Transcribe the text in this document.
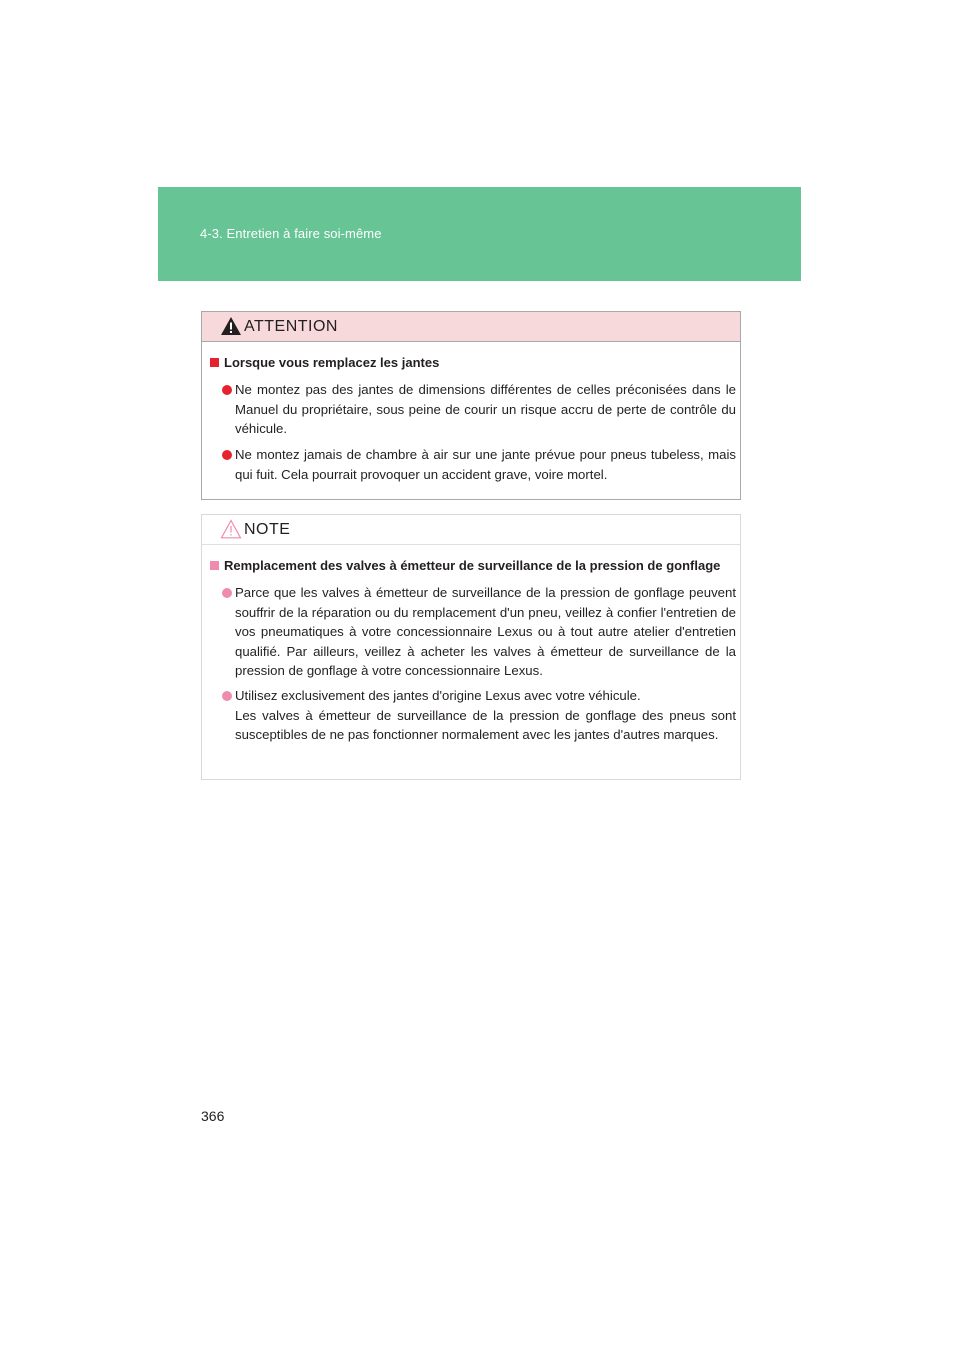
4-3. Entretien à faire soi-même
ATTENTION
Lorsque vous remplacez les jantes
Ne montez pas des jantes de dimensions différentes de celles préconisées dans le Manuel du propriétaire, sous peine de courir un risque accru de perte de contrôle du véhicule.
Ne montez jamais de chambre à air sur une jante prévue pour pneus tubeless, mais qui fuit. Cela pourrait provoquer un accident grave, voire mortel.
NOTE
Remplacement des valves à émetteur de surveillance de la pression de gonflage
Parce que les valves à émetteur de surveillance de la pression de gonflage peuvent souffrir de la réparation ou du remplacement d'un pneu, veillez à confier l'entretien de vos pneumatiques à votre concessionnaire Lexus ou à tout autre atelier d'entretien qualifié. Par ailleurs, veillez à acheter les valves à émetteur de surveillance de la pression de gonflage à votre concessionnaire Lexus.
Utilisez exclusivement des jantes d'origine Lexus avec votre véhicule.
Les valves à émetteur de surveillance de la pression de gonflage des pneus sont susceptibles de ne pas fonctionner normalement avec les jantes d'autres marques.
366
